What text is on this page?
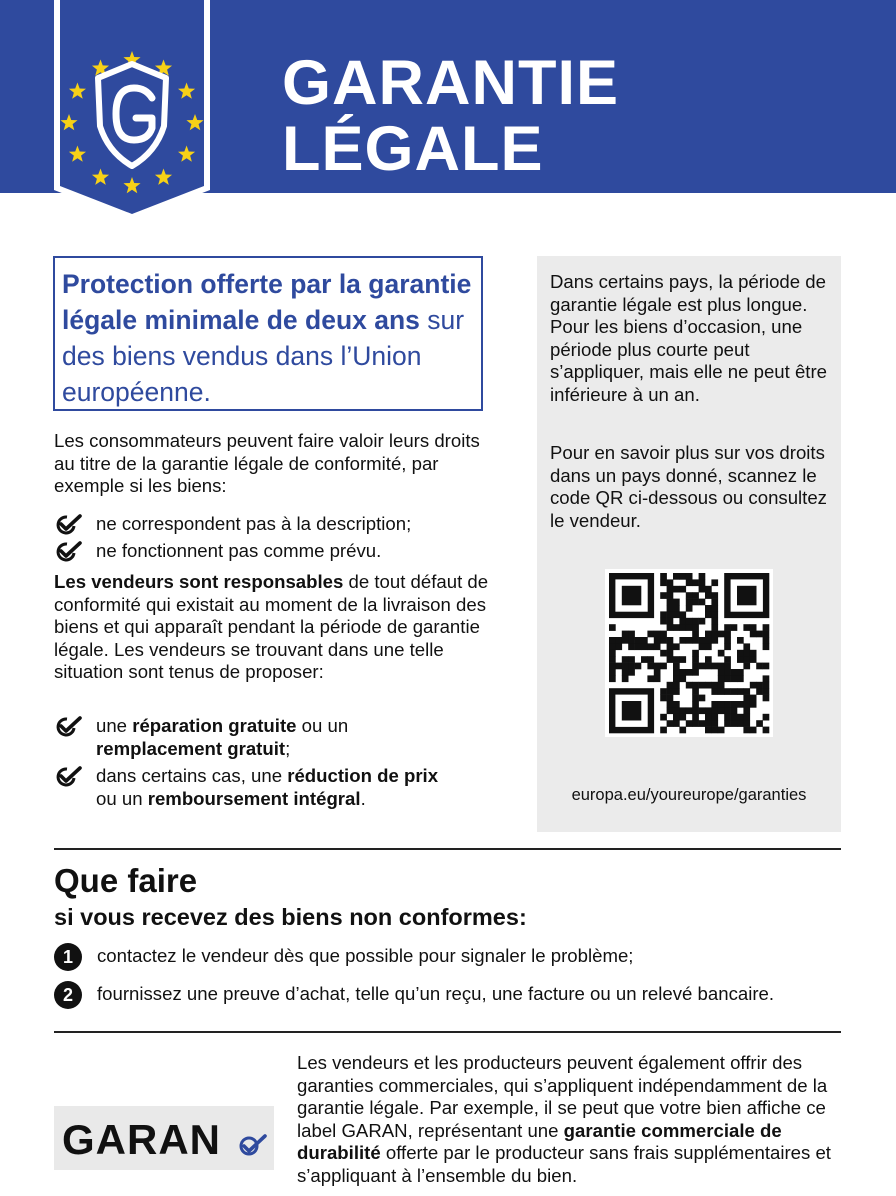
GARANTIE
LÉGALE
Protection offerte par la garantie légale minimale de deux ans sur des biens vendus dans l’Union européenne.
Les consommateurs peuvent faire valoir leurs droits au titre de la garantie légale de conformité, par exemple si les biens:
ne correspondent pas à la description;
ne fonctionnent pas comme prévu.
Les vendeurs sont responsables de tout défaut de conformité qui existait au moment de la livraison des biens et qui apparaît pendant la période de garantie légale. Les vendeurs se trouvant dans une telle situation sont tenus de proposer:
une réparation gratuite ou un
remplacement gratuit;
dans certains cas, une réduction de prix
ou un remboursement intégral.
Dans certains pays, la période de garantie légale est plus longue. Pour les biens d’occasion, une période plus courte peut s’appliquer, mais elle ne peut être inférieure à un an.
Pour en savoir plus sur vos droits dans un pays donné, scannez le code QR ci-dessous ou consultez le vendeur.
europa.eu/youreurope/garanties
Que faire
si vous recevez des biens non conformes:
1	contactez le vendeur dès que possible pour signaler le problème;
2	fournissez une preuve d’achat, telle qu’un reçu, une facture ou un relevé bancaire.
GARAN
Les vendeurs et les producteurs peuvent également offrir des garanties commerciales, qui s’appliquent indépendamment de la garantie légale. Par exemple, il se peut que votre bien affiche ce label GARAN, représentant une garantie commerciale de durabilité offerte par le producteur sans frais supplémentaires et s’appliquant à l’ensemble du bien.
